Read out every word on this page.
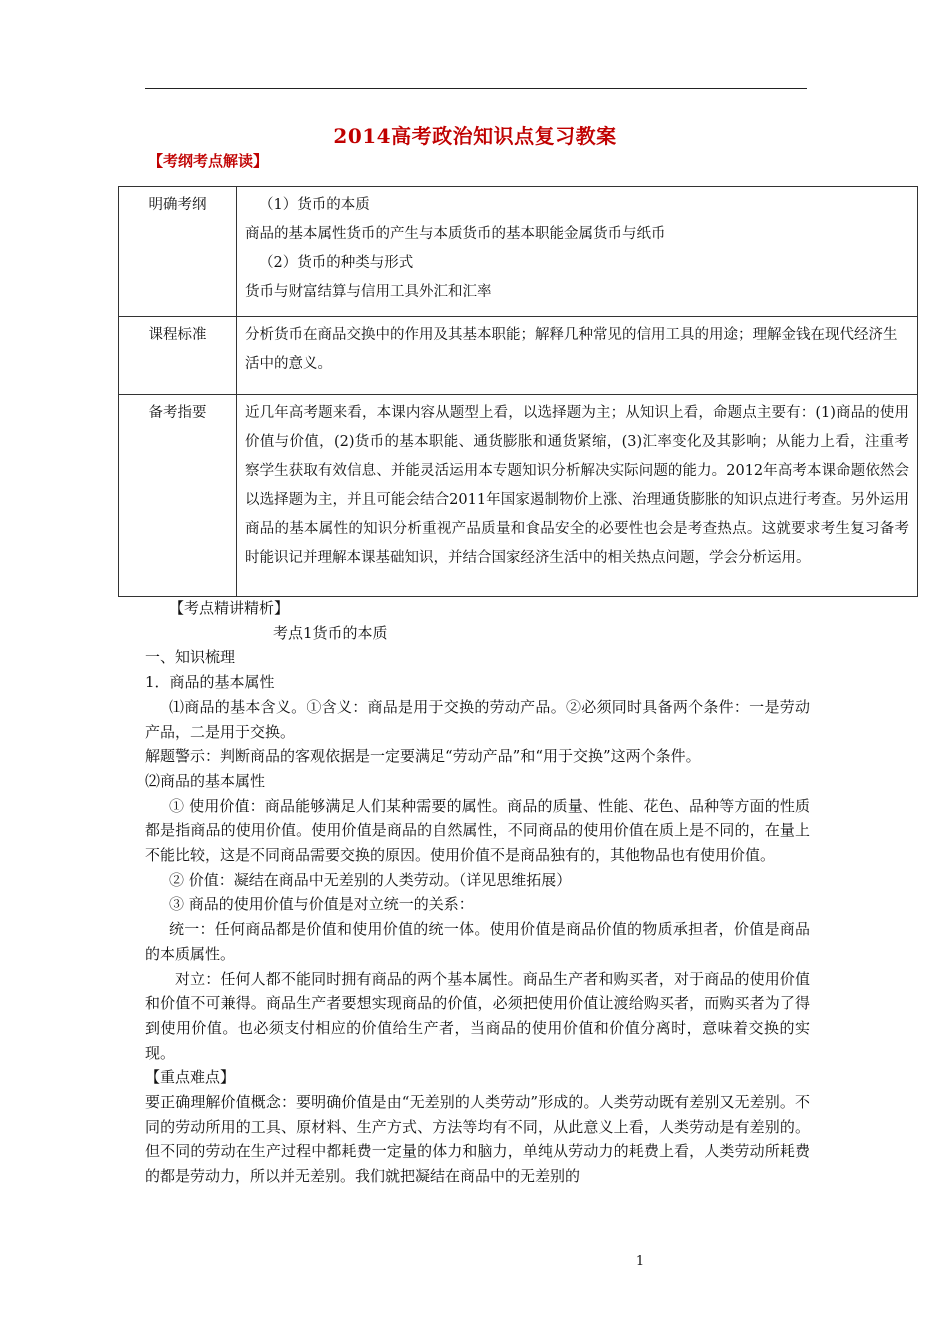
2014高考政治知识点复习教案
【考纲考点解读】
明确考纲	（1）货币的本质
商品的基本属性货币的产生与本质货币的基本职能金属货币与纸币
（2）货币的种类与形式
货币与财富结算与信用工具外汇和汇率

课程标准	分析货币在商品交换中的作用及其基本职能；解释几种常见的信用工具的用途；理解金钱在现代经济生活中的意义。
备考指要	近几年高考题来看，本课内容从题型上看，以选择题为主；从知识上看，命题点主要有：(1)商品的使用价值与价值，(2)货币的基本职能、通货膨胀和通货紧缩，(3)汇率变化及其影响；从能力上看，注重考察学生获取有效信息、并能灵活运用本专题知识分析解决实际问题的能力。2012年高考本课命题依然会以选择题为主，并且可能会结合2011年国家遏制物价上涨、治理通货膨胀的知识点进行考查。另外运用商品的基本属性的知识分析重视产品质量和食品安全的必要性也会是考查热点。这就要求考生复习备考时能识记并理解本课基础知识，并结合国家经济生活中的相关热点问题，学会分析运用。

【考点精讲精析】

考点1货币的本质

一、知识梳理

1．商品的基本属性

⑴商品的基本含义。①含义：商品是用于交换的劳动产品。②必须同时具备两个条件：一是劳动产品，二是用于交换。

解题警示：判断商品的客观依据是一定要满足“劳动产品”和“用于交换”这两个条件。

⑵商品的基本属性

① 使用价值：商品能够满足人们某种需要的属性。商品的质量、性能、花色、品种等方面的性质都是指商品的使用价值。使用价值是商品的自然属性，不同商品的使用价值在质上是不同的，在量上不能比较，这是不同商品需要交换的原因。使用价值不是商品独有的，其他物品也有使用价值。

② 价值：凝结在商品中无差别的人类劳动。（详见思维拓展）

③ 商品的使用价值与价值是对立统一的关系：

统一：任何商品都是价值和使用价值的统一体。使用价值是商品价值的物质承担者，价值是商品的本质属性。

对立：任何人都不能同时拥有商品的两个基本属性。商品生产者和购买者，对于商品的使用价值和价值不可兼得。商品生产者要想实现商品的价值，必须把使用价值让渡给购买者，而购买者为了得到使用价值。也必须支付相应的价值给生产者，当商品的使用价值和价值分离时，意味着交换的实现。

【重点难点】

要正确理解价值概念：要明确价值是由“无差别的人类劳动”形成的。人类劳动既有差别又无差别。不同的劳动所用的工具、原材料、生产方式、方法等均有不同，从此意义上看，人类劳动是有差别的。但不同的劳动在生产过程中都耗费一定量的体力和脑力，单纯从劳动力的耗费上看，人类劳动所耗费的都是劳动力，所以并无差别。我们就把凝结在商品中的无差别的

1
